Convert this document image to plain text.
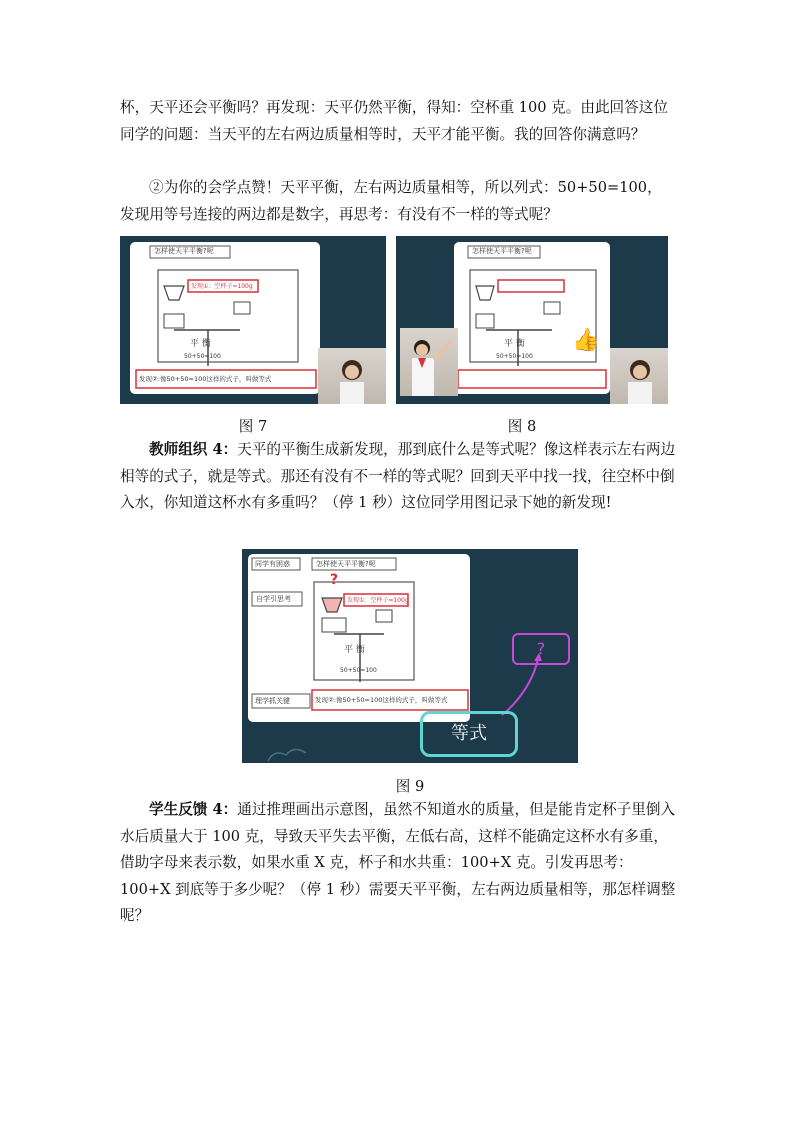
杯，天平还会平衡吗？再发现：天平仍然平衡，得知：空杯重 100 克。由此回答这位同学的问题：当天平的左右两边质量相等时，天平才能平衡。我的回答你满意吗？

②为你的会学点赞！天平平衡，左右两边质量相等，所以列式：50+50=100，发现用等号连接的两边都是数字，再思考：有没有不一样的等式呢？

怎样使天平平衡?呢
发现①：空杯子=100g
平 衡
50+50=100
发现②:像50+50=100这样的式子，叫做等式
图 7
怎样使天平平衡?呢
平 衡
50+50=100
👍
图 8

教师组织 4：天平的平衡生成新发现，那到底什么是等式呢？像这样表示左右两边相等的式子，就是等式。那还有没有不一样的等式呢？回到天平中找一找，往空杯中倒入水，你知道这杯水有多重吗？（停 1 秒）这位同学用图记录下她的新发现!

同学有困惑
自学引思考
怎样使天平平衡?呢
?
发现①：空杯子=100g
平 衡
50+50=100
理学抓关键	发现②:像50+50=100这样的式子，叫做等式
?
等式
图 9

学生反馈 4：通过推理画出示意图，虽然不知道水的质量，但是能肯定杯子里倒入水后质量大于 100 克，导致天平失去平衡，左低右高，这样不能确定这杯水有多重，借助字母来表示数，如果水重 X 克，杯子和水共重：100+X 克。引发再思考：100+X 到底等于多少呢？（停 1 秒）需要天平平衡，左右两边质量相等，那怎样调整呢？
